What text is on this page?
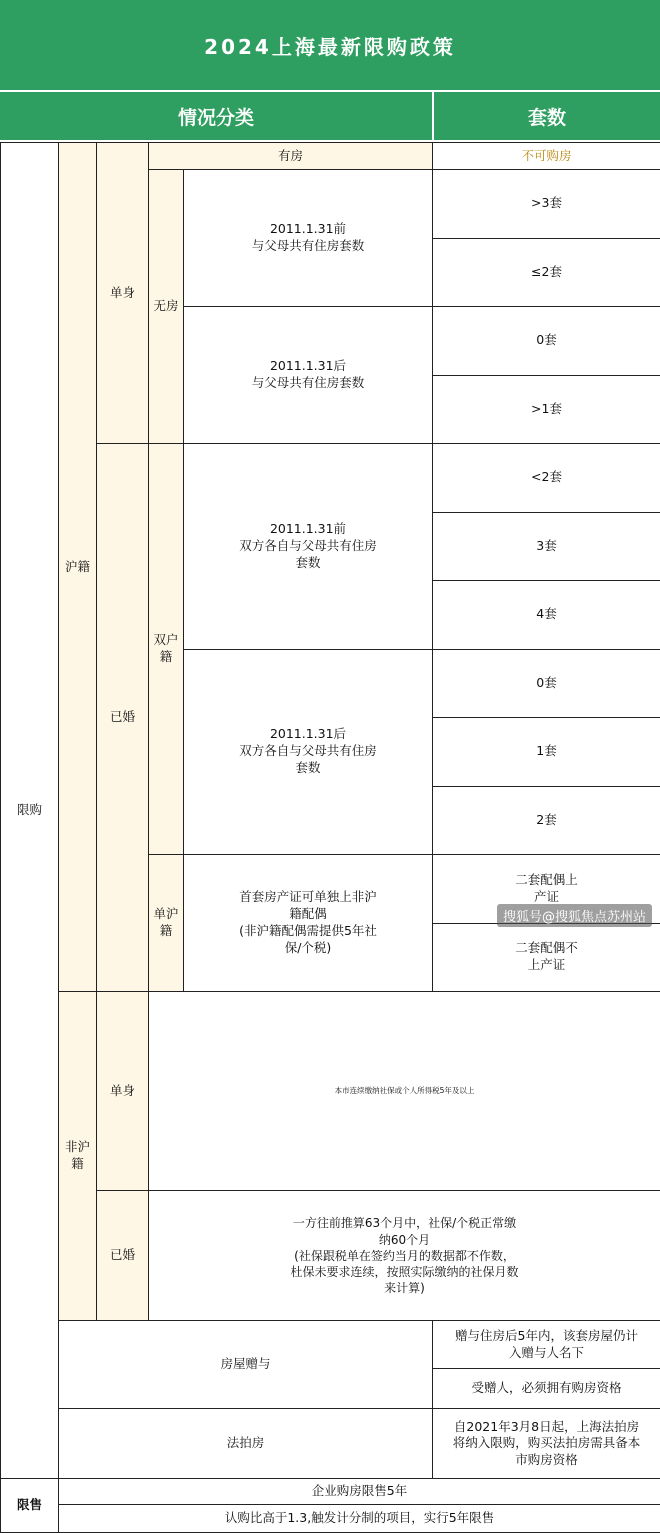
2024上海最新限购政策
情况分类	套数
限购	沪籍	单身	有房		不可购房	
			无房	2011.1.31前
与父母共有住房套数	>3套	
					≤2套	
				2011.1.31后
与父母共有住房套数	0套	
					>1套	
		已婚	双户籍	2011.1.31前
双方各自与父母共有住房
套数	<2套	
					3套	
					4套	
				2011.1.31后
双方各自与父母共有住房
套数	0套	
					1套	
					2套	
			单沪籍	首套房产证可单独上非沪
籍配偶
(非沪籍配偶需提供5年社
保/个税)	二套配偶上
产证	
					二套配偶不
上产证	

	非沪籍	单身	本市连续缴纳社保或个人所得税5年及以上	
		已婚	一方往前推算63个月中，社保/个税正常缴
纳60个月
(社保跟税单在签约当月的数据都不作数，
杜保未要求连续，按照实际缴纳的社保月数
来计算)	
	房屋赠与				赠与住房后5年内，该套房屋仍计
入赠与人名下	
					受赠人，必须拥有购房资格	
	法拍房				自2021年3月8日起，上海法拍房
将纳入限购，购买法拍房需具备本
市购房资格	

限售	企业购房限售5年					
	认购比高于1.3,触发计分制的项目，实行5年限售					
搜狐号@搜狐焦点苏州站
